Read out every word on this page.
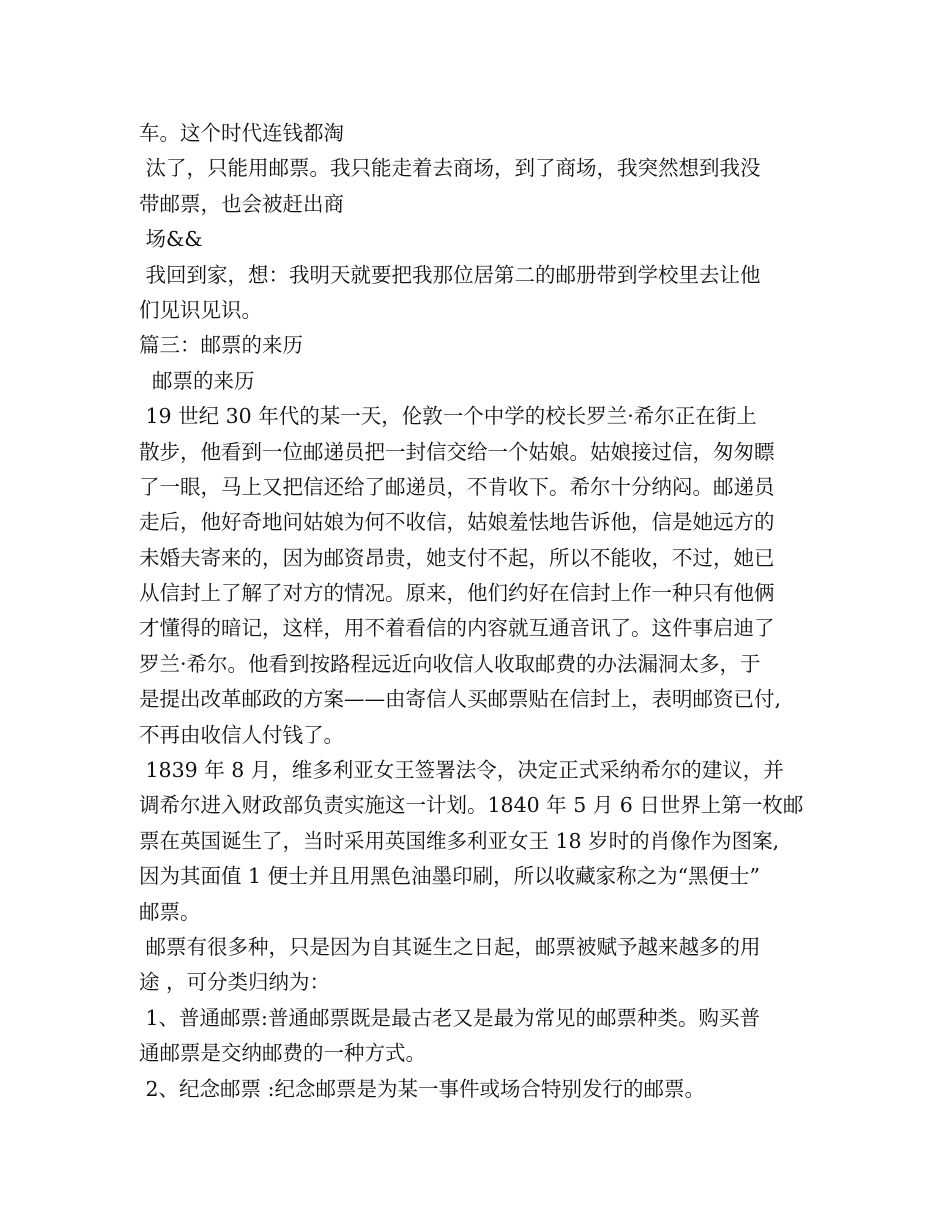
车。这个时代连钱都淘
汰了，只能用邮票。我只能走着去商场，到了商场，我突然想到我没
带邮票，也会被赶出商
场&&
我回到家，想：我明天就要把我那位居第二的邮册带到学校里去让他
们见识见识。
篇三：邮票的来历
邮票的来历
19 世纪 30 年代的某一天，伦敦一个中学的校长罗兰·希尔正在街上
散步，他看到一位邮递员把一封信交给一个姑娘。姑娘接过信，匆匆瞟
了一眼，马上又把信还给了邮递员，不肯收下。希尔十分纳闷。邮递员
走后，他好奇地问姑娘为何不收信，姑娘羞怯地告诉他，信是她远方的
未婚夫寄来的，因为邮资昂贵，她支付不起，所以不能收，不过，她已
从信封上了解了对方的情况。原来，他们约好在信封上作一种只有他俩
才懂得的暗记，这样，用不着看信的内容就互通音讯了。这件事启迪了
罗兰·希尔。他看到按路程远近向收信人收取邮费的办法漏洞太多，于
是提出改革邮政的方案——由寄信人买邮票贴在信封上，表明邮资已付,
不再由收信人付钱了。
1839 年 8 月，维多利亚女王签署法令，决定正式采纳希尔的建议，并
调希尔进入财政部负责实施这一计划。1840 年 5 月 6 日世界上第一枚邮
票在英国诞生了，当时采用英国维多利亚女王 18 岁时的肖像作为图案,
因为其面值 1 便士并且用黑色油墨印刷，所以收藏家称之为“黑便士”
邮票。
邮票有很多种，只是因为自其诞生之日起，邮票被赋予越来越多的用
途 ，可分类归纳为：
1、普通邮票:普通邮票既是最古老又是最为常见的邮票种类。购买普
通邮票是交纳邮费的一种方式。
2、纪念邮票 :纪念邮票是为某一事件或场合特别发行的邮票。
